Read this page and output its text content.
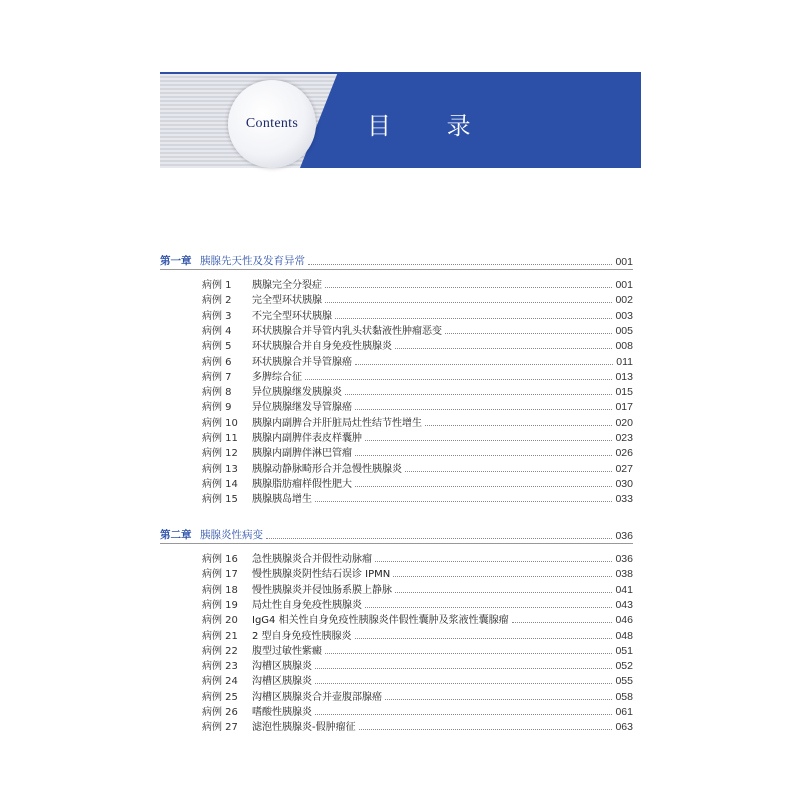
Contents	目 录
第一章 胰腺先天性及发育异常	001
病例 1	胰腺完全分裂症	001
病例 2	完全型环状胰腺	002
病例 3	不完全型环状胰腺	003
病例 4	环状胰腺合并导管内乳头状黏液性肿瘤恶变	005
病例 5	环状胰腺合并自身免疫性胰腺炎	008
病例 6	环状胰腺合并导管腺癌	011
病例 7	多脾综合征	013
病例 8	异位胰腺继发胰腺炎	015
病例 9	异位胰腺继发导管腺癌	017
病例 10	胰腺内副脾合并肝脏局灶性结节性增生	020
病例 11	胰腺内副脾伴表皮样囊肿	023
病例 12	胰腺内副脾伴淋巴管瘤	026
病例 13	胰腺动静脉畸形合并急慢性胰腺炎	027
病例 14	胰腺脂肪瘤样假性肥大	030
病例 15	胰腺胰岛增生	033
第二章 胰腺炎性病变	036
病例 16	急性胰腺炎合并假性动脉瘤	036
病例 17	慢性胰腺炎阴性结石误诊 IPMN	038
病例 18	慢性胰腺炎并侵蚀肠系膜上静脉	041
病例 19	局灶性自身免疫性胰腺炎	043
病例 20	IgG4 相关性自身免疫性胰腺炎伴假性囊肿及浆液性囊腺瘤	046
病例 21	2 型自身免疫性胰腺炎	048
病例 22	腹型过敏性紫癜	051
病例 23	沟槽区胰腺炎	052
病例 24	沟槽区胰腺炎	055
病例 25	沟槽区胰腺炎合并壶腹部腺癌	058
病例 26	嗜酸性胰腺炎	061
病例 27	滤泡性胰腺炎-假肿瘤征	063
